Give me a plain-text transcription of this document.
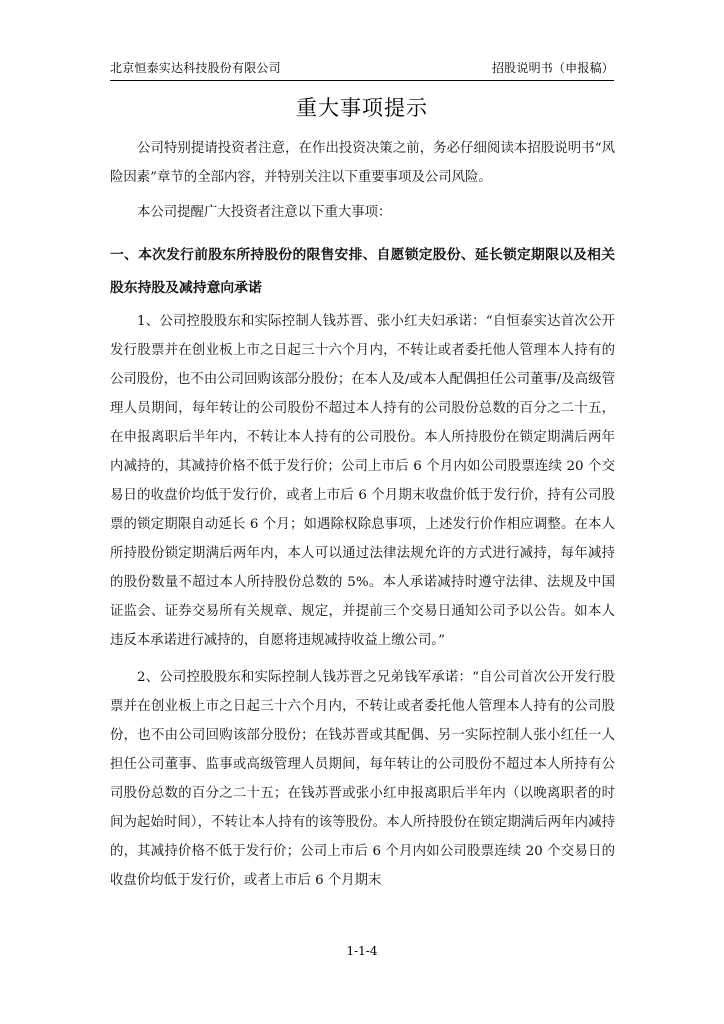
北京恒泰实达科技股份有限公司	招股说明书（申报稿）
重大事项提示

公司特别提请投资者注意，在作出投资决策之前，务必仔细阅读本招股说明书“风险因素”章节的全部内容，并特别关注以下重要事项及公司风险。

本公司提醒广大投资者注意以下重大事项：

一、本次发行前股东所持股份的限售安排、自愿锁定股份、延长锁定期限以及相关股东持股及减持意向承诺

1、公司控股股东和实际控制人钱苏晋、张小红夫妇承诺：“自恒泰实达首次公开发行股票并在创业板上市之日起三十六个月内，不转让或者委托他人管理本人持有的公司股份，也不由公司回购该部分股份；在本人及/或本人配偶担任公司董事/及高级管理人员期间，每年转让的公司股份不超过本人持有的公司股份总数的百分之二十五，在申报离职后半年内，不转让本人持有的公司股份。本人所持股份在锁定期满后两年内减持的，其减持价格不低于发行价；公司上市后 6 个月内如公司股票连续 20 个交易日的收盘价均低于发行价，或者上市后 6 个月期末收盘价低于发行价，持有公司股票的锁定期限自动延长 6 个月；如遇除权除息事项，上述发行价作相应调整。在本人所持股份锁定期满后两年内，本人可以通过法律法规允许的方式进行减持，每年减持的股份数量不超过本人所持股份总数的 5%。本人承诺减持时遵守法律、法规及中国证监会、证券交易所有关规章、规定，并提前三个交易日通知公司予以公告。如本人违反本承诺进行减持的，自愿将违规减持收益上缴公司。”

2、公司控股股东和实际控制人钱苏晋之兄弟钱军承诺：“自公司首次公开发行股票并在创业板上市之日起三十六个月内，不转让或者委托他人管理本人持有的公司股份，也不由公司回购该部分股份；在钱苏晋或其配偶、另一实际控制人张小红任一人担任公司董事、监事或高级管理人员期间，每年转让的公司股份不超过本人所持有公司股份总数的百分之二十五；在钱苏晋或张小红申报离职后半年内（以晚离职者的时间为起始时间），不转让本人持有的该等股份。本人所持股份在锁定期满后两年内减持的，其减持价格不低于发行价；公司上市后 6 个月内如公司股票连续 20 个交易日的收盘价均低于发行价，或者上市后 6 个月期末

1-1-4
